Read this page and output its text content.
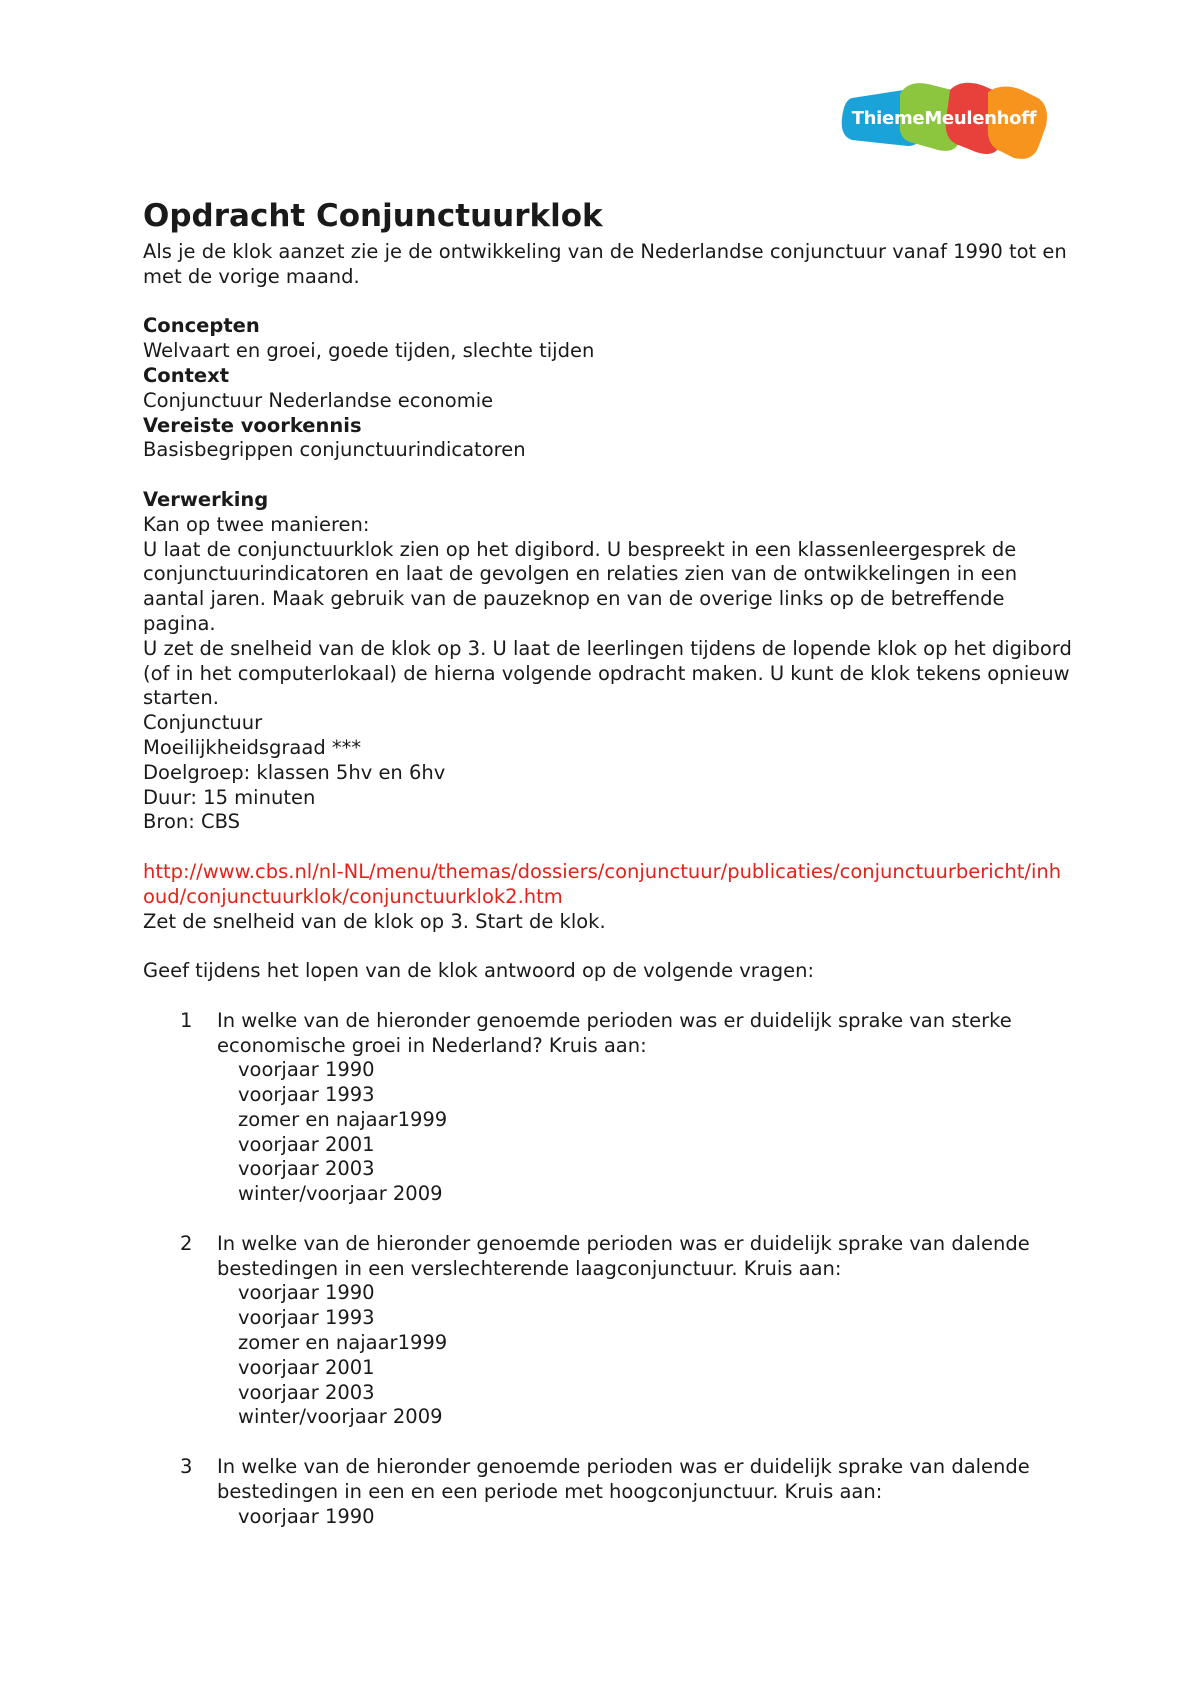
ThiemeMeulenhoff
Opdracht Conjunctuurklok

Als je de klok aanzet zie je de ontwikkeling van de Nederlandse conjunctuur vanaf 1990 tot en met de vorige maand.

Concepten

Welvaart en groei, goede tijden, slechte tijden

Context

Conjunctuur Nederlandse economie

Vereiste voorkennis

Basisbegrippen conjunctuurindicatoren

Verwerking

Kan op twee manieren:

U laat de conjunctuurklok zien op het digibord. U bespreekt in een klassenleergesprek de conjunctuurindicatoren en laat de gevolgen en relaties zien van de ontwikkelingen in een aantal jaren. Maak gebruik van de pauzeknop en van de overige links op de betreffende pagina.

U zet de snelheid van de klok op 3. U laat de leerlingen tijdens de lopende klok op het digibord (of in het computerlokaal) de hierna volgende opdracht maken. U kunt de klok tekens opnieuw starten.

Conjunctuur

Moeilijkheidsgraad ***

Doelgroep: klassen 5hv en 6hv

Duur: 15 minuten

Bron: CBS

http://www.cbs.nl/nl-NL/menu/themas/dossiers/conjunctuur/publicaties/conjunctuurbericht/inhoud/conjunctuurklok/conjunctuurklok2.htm

Zet de snelheid van de klok op 3. Start de klok.

Geef tijdens het lopen van de klok antwoord op de volgende vragen:

1	In welke van de hieronder genoemde perioden was er duidelijk sprake van sterke economische groei in Nederland? Kruis aan:

voorjaar 1990
voorjaar 1993
zomer en najaar1999
voorjaar 2001
voorjaar 2003
winter/voorjaar 2009
2	In welke van de hieronder genoemde perioden was er duidelijk sprake van dalende bestedingen in een verslechterende laagconjunctuur. Kruis aan:

voorjaar 1990
voorjaar 1993
zomer en najaar1999
voorjaar 2001
voorjaar 2003
winter/voorjaar 2009
3	In welke van de hieronder genoemde perioden was er duidelijk sprake van dalende bestedingen in een en een periode met hoogconjunctuur. Kruis aan:

voorjaar 1990
